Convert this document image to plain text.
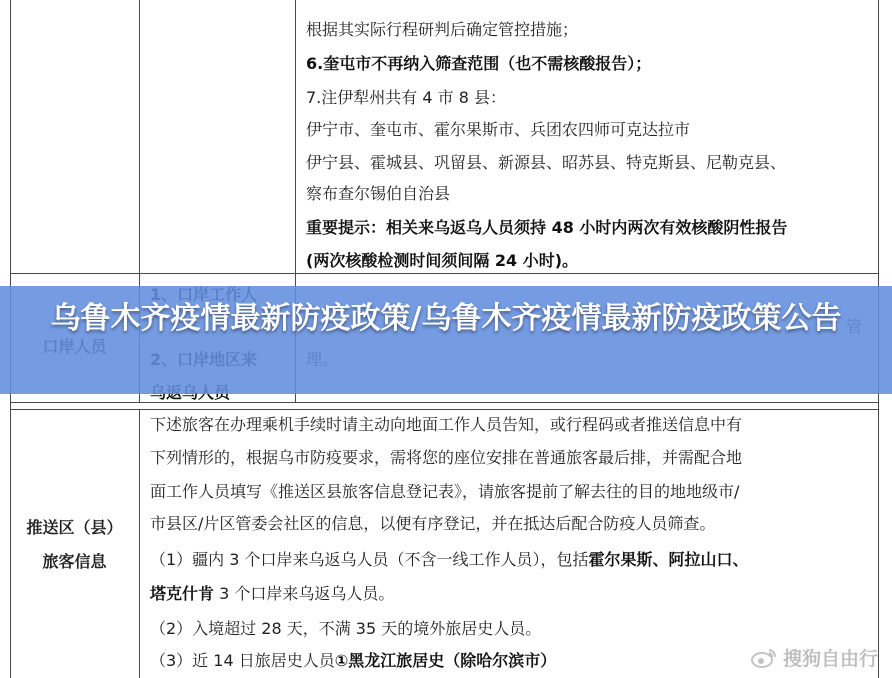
根据其实际行程研判后确定管控措施；
6.奎屯市不再纳入筛查范围（也不需核酸报告）；
7.注伊犁州共有 4 市 8 县：
伊宁市、奎屯市、霍尔果斯市、兵团农四师可克达拉市
伊宁县、霍城县、巩留县、新源县、昭苏县、特克斯县、尼勒克县、
察布查尔锡伯自治县
重要提示：相关来乌返乌人员须持 48 小时内两次有效核酸阴性报告
(两次核酸检测时间须间隔 24 小时)。
推送区（县）
旅客信息
下述旅客在办理乘机手续时请主动向地面工作人员告知，或行程码或者推送信息中有
下列情形的，根据乌市防疫要求，需将您的座位安排在普通旅客最后排，并需配合地
面工作人员填写《推送区县旅客信息登记表》，请旅客提前了解去往的目的地地级市/
市县区/片区管委会社区的信息，以便有序登记，并在抵达后配合防疫人员筛查。
（1）疆内 3 个口岸来乌返乌人员（不含一线工作人员），包括霍尔果斯、阿拉山口、
塔克什肯 3 个口岸来乌返乌人员。
（2）入境超过 28 天，不满 35 天的境外旅居史人员。
（3）近 14 日旅居史人员①黑龙江旅居史（除哈尔滨市）
乌鲁木齐疫情最新防疫政策/乌鲁木齐疫情最新防疫政策公告
搜狗自由行
